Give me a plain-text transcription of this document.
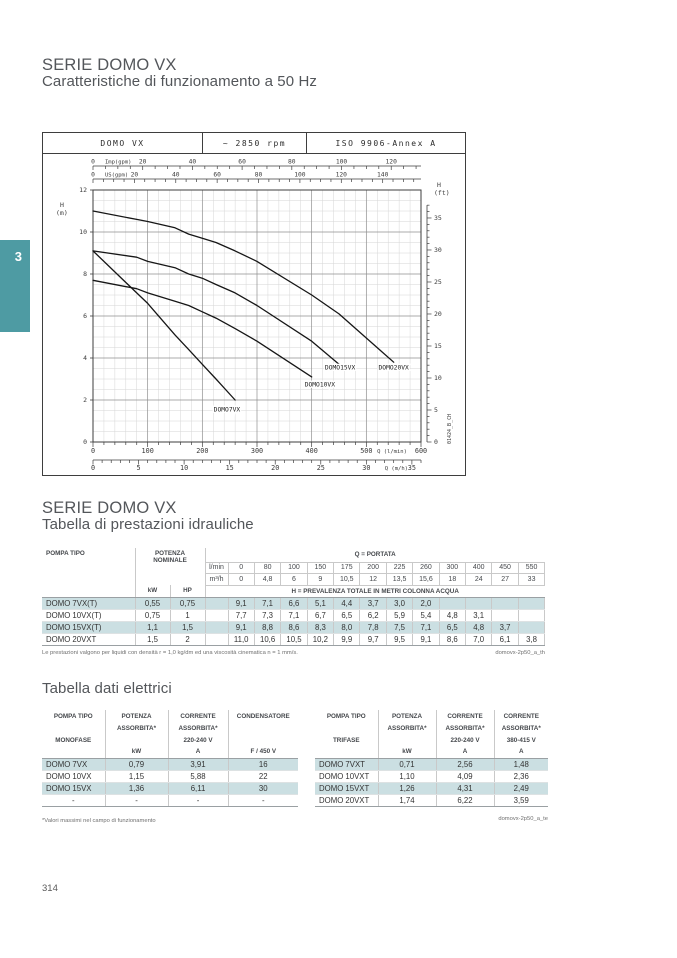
3
SERIE DOMO VX
Caratteristiche di funzionamento a 50 Hz
DOMO VX	~ 2850 rpm	ISO 9906-Annex A
0
2
4
6
8
10
12
H
(m)
0
5
10
15
20
25
30
35
H
(ft)
0	20	40	60	80	100	120
Imp(gpm)
0	20	40	60	80	100	120	140
US(gpm)
0	100	200	300	400	500	600
Q (l/min)
0	5	10	15	20	25	30	35
Q (m/h)
01424_B_CH
DOMO7VX
DOMO10VX
DOMO15VX	DOMO20VX
SERIE DOMO VX
Tabella di prestazioni idrauliche
POMPA TIPO	POTENZA
NOMINALE		Q = PORTATA												
			l/min	0	80	100	150	175	200	225	260	300	400	450	550
			m³/h	0	4,8	6	9	10,5	12	13,5	15,6	18	24	27	33
	kW	HP	H = PREVALENZA TOTALE IN METRI COLONNA ACQUA												
DOMO 7VX(T)	0,55	0,75		9,1	7,1	6,6	5,1	4,4	3,7	3,0	2,0				
DOMO 10VX(T)	0,75	1		7,7	7,3	7,1	6,7	6,5	6,2	5,9	5,4	4,8	3,1		
DOMO 15VX(T)	1,1	1,5		9,1	8,8	8,6	8,3	8,0	7,8	7,5	7,1	6,5	4,8	3,7	
DOMO 20VXT	1,5	2		11,0	10,6	10,5	10,2	9,9	9,7	9,5	9,1	8,6	7,0	6,1	3,8
Le prestazioni valgono per liquidi con densità r = 1,0 kg/dm ed una viscosità cinematica n = 1 mm/s.	domovx-2p50_a_th
Tabella dati elettrici
POMPA TIPO	POTENZA	CORRENTE	CONDENSATORE
	ASSORBITA*	ASSORBITA*	
MONOFASE		220-240 V	
	kW	A	F / 450 V
DOMO 7VX	0,79	3,91	16
DOMO 10VX	1,15	5,88	22
DOMO 15VX	1,36	6,11	30
-	-	-	-
POMPA TIPO	POTENZA	CORRENTE	CORRENTE
	ASSORBITA*	ASSORBITA*	ASSORBITA*
TRIFASE		220-240 V	380-415 V
	kW	A	A
DOMO 7VXT	0,71	2,56	1,48
DOMO 10VXT	1,10	4,09	2,36
DOMO 15VXT	1,26	4,31	2,49
DOMO 20VXT	1,74	6,22	3,59
*Valori massimi nel campo di funzionamento	domovx-2p50_a_te
314
